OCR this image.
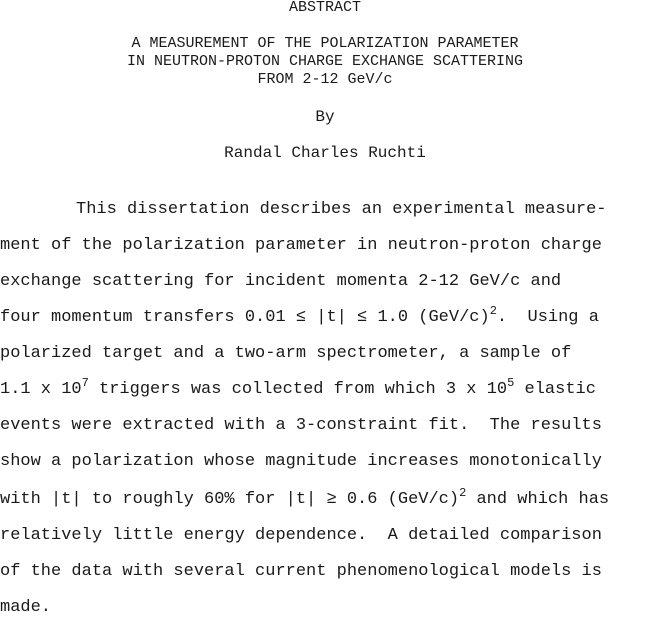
ABSTRACT
A MEASUREMENT OF THE POLARIZATION PARAMETER
IN NEUTRON-PROTON CHARGE EXCHANGE SCATTERING
FROM 2-12 GeV/c
By
Randal Charles Ruchti
This dissertation describes an experimental measure-
ment of the polarization parameter in neutron-proton charge
exchange scattering for incident momenta 2-12 GeV/c and
four momentum transfers 0.01 ≤ |t| ≤ 1.0 $(GeV/c)^2$.  Using a
polarized target and a two-arm spectrometer, a sample of
1.1 x $10^7$ triggers was collected from which 3 x $10^5$ elastic
events were extracted with a 3-constraint fit.  The results
show a polarization whose magnitude increases monotonically
with |t| to roughly 60% for |t| ≥ 0.6 $(GeV/c)^2$ and which has
relatively little energy dependence.  A detailed comparison
of the data with several current phenomenological models is
made.
